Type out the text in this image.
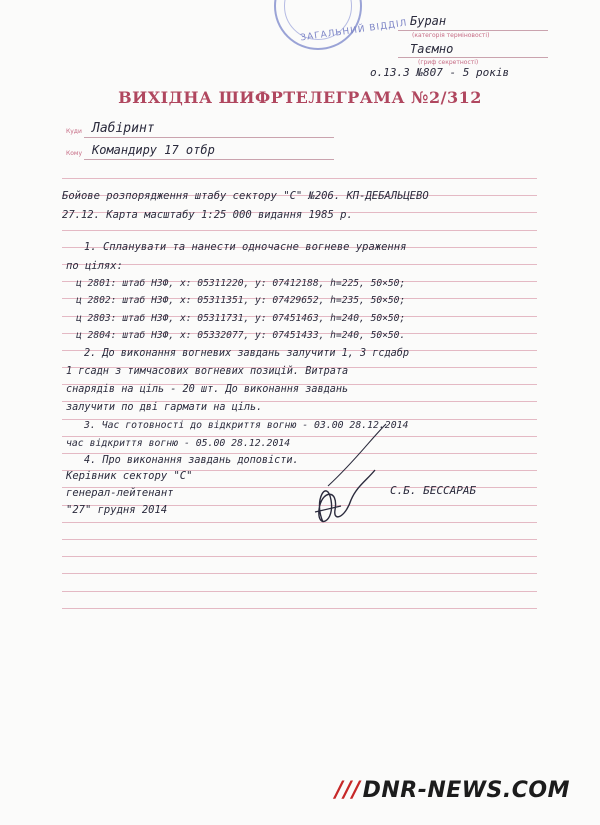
ЗАГАЛЬНИЙ ВІДДІЛ Буран
(категорія терміновості)
Таємно
(гриф секретності)
о.13.3 №807 - 5 років
ВИХІДНА ШИФРТЕЛЕГРАМА №2/312
Куди Лабіринт
Кому Командиру 17 отбр
Бойове розпорядження штабу сектору "С" №206. КП-ДЕБАЛЬЦЕВО
27.12. Карта масштабу 1:25 000 видання 1985 р.
1. Спланувати та нанести одночасне вогневе ураження
по цілях:
ц 2801: штаб НЗФ, х: 05311220, у: 07412188, h=225, 50×50;
ц 2802: штаб НЗФ, х: 05311351, у: 07429652, h=235, 50×50;
ц 2803: штаб НЗФ, х: 05311731, у: 07451463, h=240, 50×50;
ц 2804: штаб НЗФ, х: 05332077, у: 07451433, h=240, 50×50.
2. До виконання вогневих завдань залучити 1, 3 гсдабр
1 гсадн з тимчасових вогневих позицій. Витрата
снарядів на ціль - 20 шт. До виконання завдань
залучити по дві гармати на ціль.
3. Час готовності до відкриття вогню - 03.00 28.12.2014
час відкриття вогню - 05.00 28.12.2014
4. Про виконання завдань доповісти.
Керівник сектору "С"
генерал-лейтенант
"27" грудня 2014
С.Б. БЕССАРАБ
///DNR-NEWS.COM
